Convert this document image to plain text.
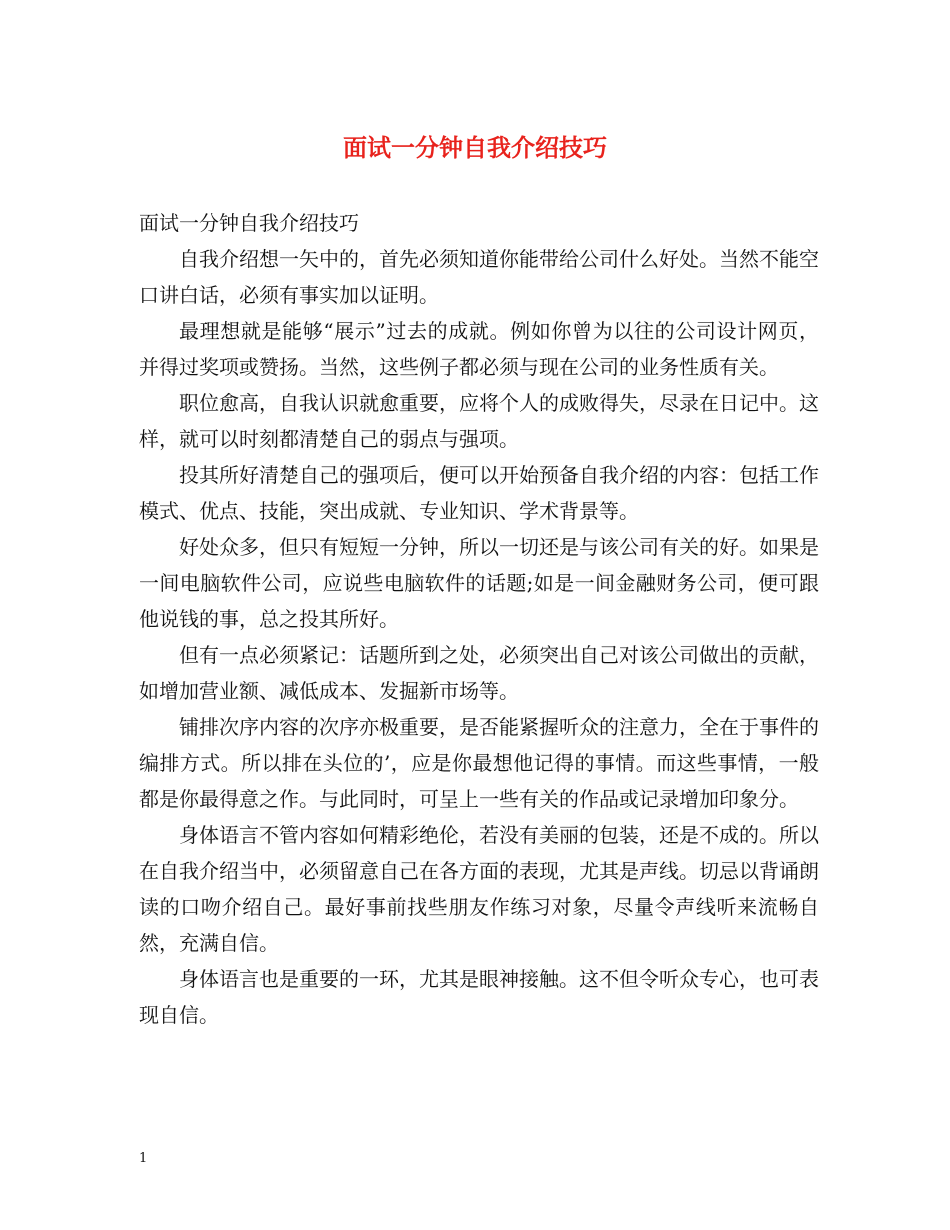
面试一分钟自我介绍技巧

面试一分钟自我介绍技巧

自我介绍想一矢中的，首先必须知道你能带给公司什么好处。当然不能空口讲白话，必须有事实加以证明。

最理想就是能够“展示”过去的成就。例如你曾为以往的公司设计网页，并得过奖项或赞扬。当然，这些例子都必须与现在公司的业务性质有关。

职位愈高，自我认识就愈重要，应将个人的成败得失，尽录在日记中。这样，就可以时刻都清楚自己的弱点与强项。

投其所好清楚自己的强项后，便可以开始预备自我介绍的内容：包括工作模式、优点、技能，突出成就、专业知识、学术背景等。

好处众多，但只有短短一分钟，所以一切还是与该公司有关的好。如果是一间电脑软件公司，应说些电脑软件的话题;如是一间金融财务公司，便可跟他说钱的事，总之投其所好。

但有一点必须紧记：话题所到之处，必须突出自己对该公司做出的贡献，如增加营业额、减低成本、发掘新市场等。

铺排次序内容的次序亦极重要，是否能紧握听众的注意力，全在于事件的编排方式。所以排在头位的’，应是你最想他记得的事情。而这些事情，一般都是你最得意之作。与此同时，可呈上一些有关的作品或记录增加印象分。

身体语言不管内容如何精彩绝伦，若没有美丽的包装，还是不成的。所以在自我介绍当中，必须留意自己在各方面的表现，尤其是声线。切忌以背诵朗读的口吻介绍自己。最好事前找些朋友作练习对象，尽量令声线听来流畅自然，充满自信。

身体语言也是重要的一环，尤其是眼神接触。这不但令听众专心，也可表现自信。

1
